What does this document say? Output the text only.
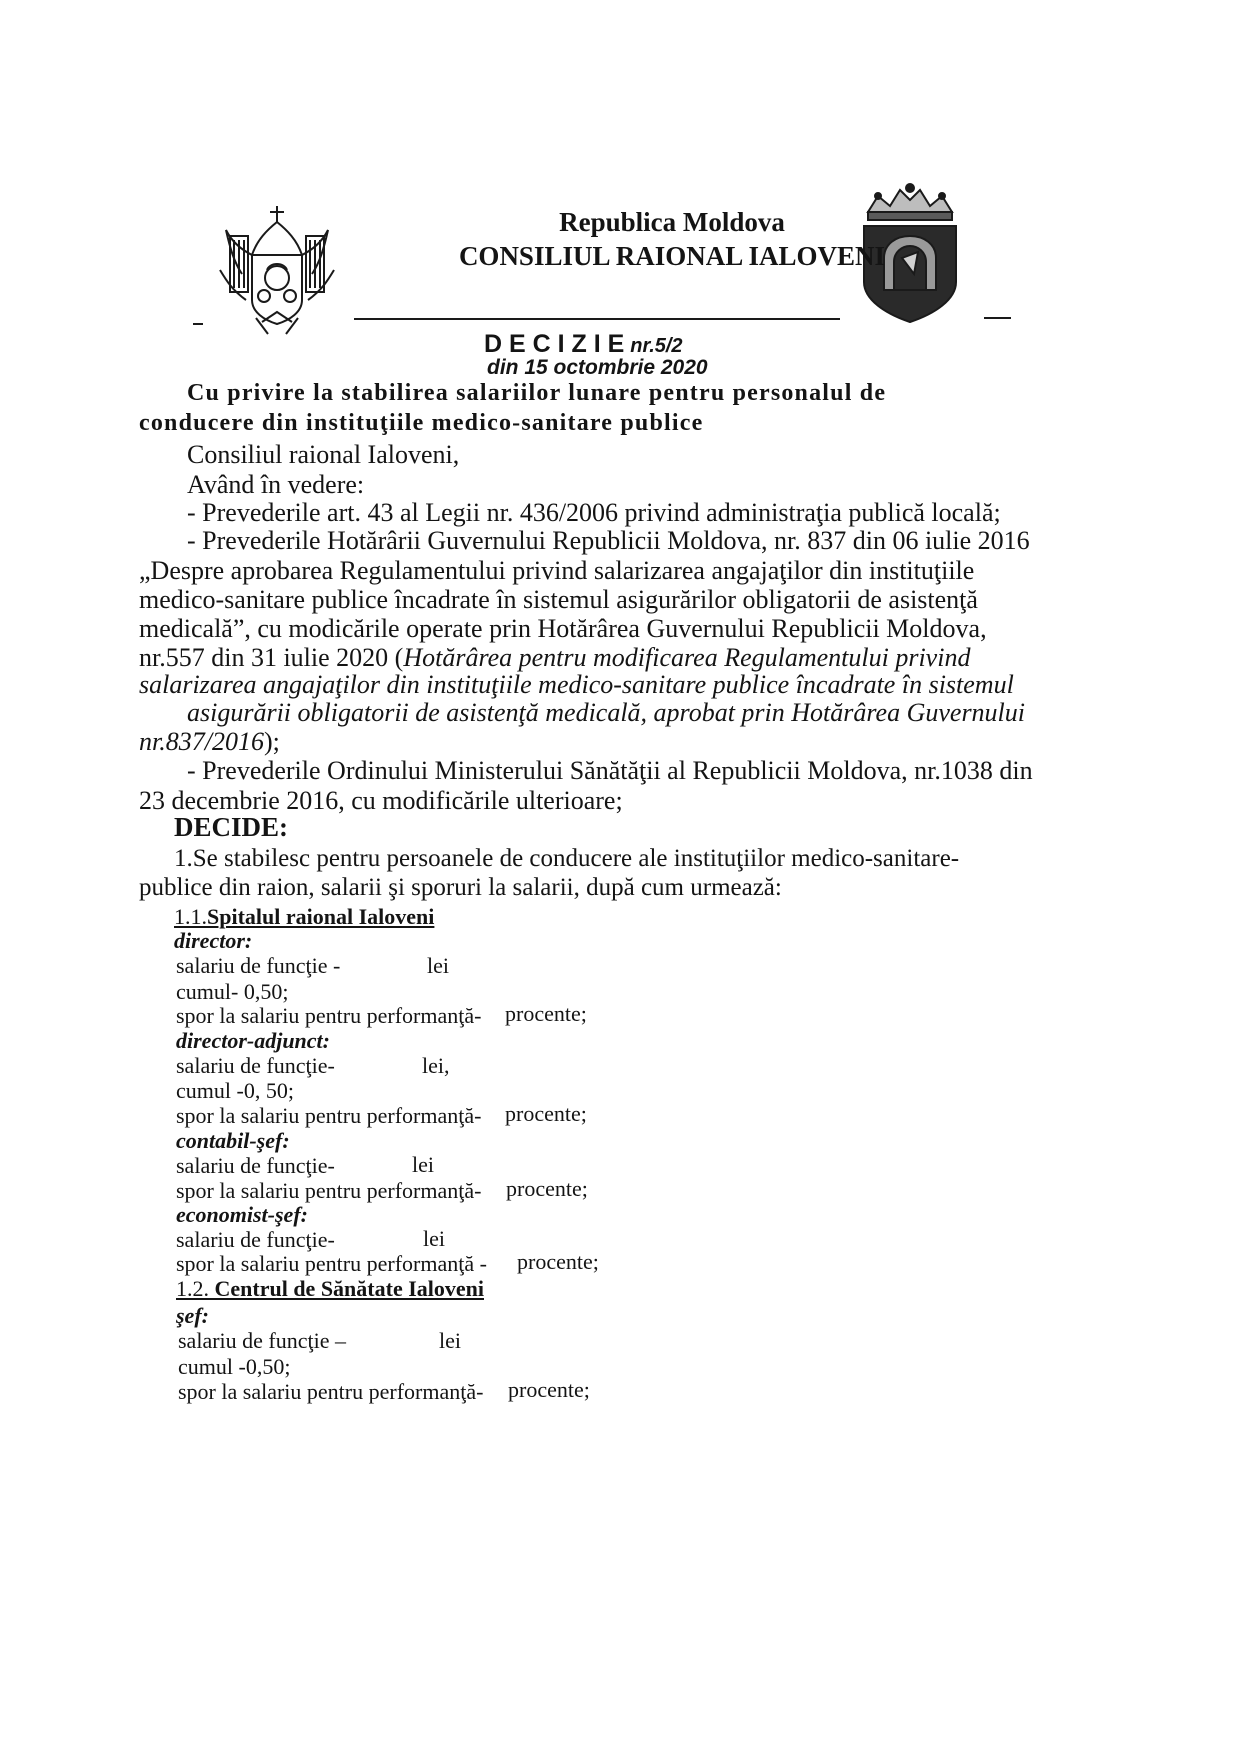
Republica Moldova
CONSILIUL RAIONAL IALOVENI
D E C I Z I E nr.5/2
din 15 octombrie 2020
Cu privire la stabilirea salariilor lunare pentru personalul de
conducere din instituţiile medico-sanitare publice
Consiliul raional Ialoveni,
Având în vedere:
- Prevederile art. 43 al Legii nr. 436/2006 privind administraţia publică locală;
- Prevederile Hotărârii Guvernului Republicii Moldova, nr. 837 din 06 iulie 2016
„Despre aprobarea Regulamentului privind salarizarea angajaţilor din instituţiile
medico-sanitare publice încadrate în sistemul asigurărilor obligatorii de asistenţă
medicală”, cu modicările operate prin Hotărârea Guvernului Republicii Moldova,
nr.557 din 31 iulie 2020 (Hotărârea pentru modificarea Regulamentului privind
salarizarea angajaţilor din instituţiile medico-sanitare publice încadrate în sistemul
asigurării obligatorii de asistenţă medicală, aprobat prin Hotărârea Guvernului
nr.837/2016);
- Prevederile Ordinului Ministerului Sănătăţii al Republicii Moldova, nr.1038 din
23 decembrie 2016, cu modificările ulterioare;
DECIDE:
1.Se stabilesc pentru persoanele de conducere ale instituţiilor medico-sanitare-
publice din raion, salarii şi sporuri la salarii, după cum urmează:
1.1.Spitalul raional Ialoveni
director:
salariu de funcţie -	lei
cumul- 0,50;
spor la salariu pentru performanţă- procente;
director-adjunct:
salariu de funcţie-	lei,
cumul -0, 50;
spor la salariu pentru performanţă- procente;
contabil-şef:
salariu de funcţie-	lei
spor la salariu pentru performanţă- procente;
economist-şef:
salariu de funcţie-	lei
spor la salariu pentru performanţă - procente;
1.2. Centrul de Sănătate Ialoveni
şef:
salariu de funcţie –	lei
cumul -0,50;
spor la salariu pentru performanţă- procente;
